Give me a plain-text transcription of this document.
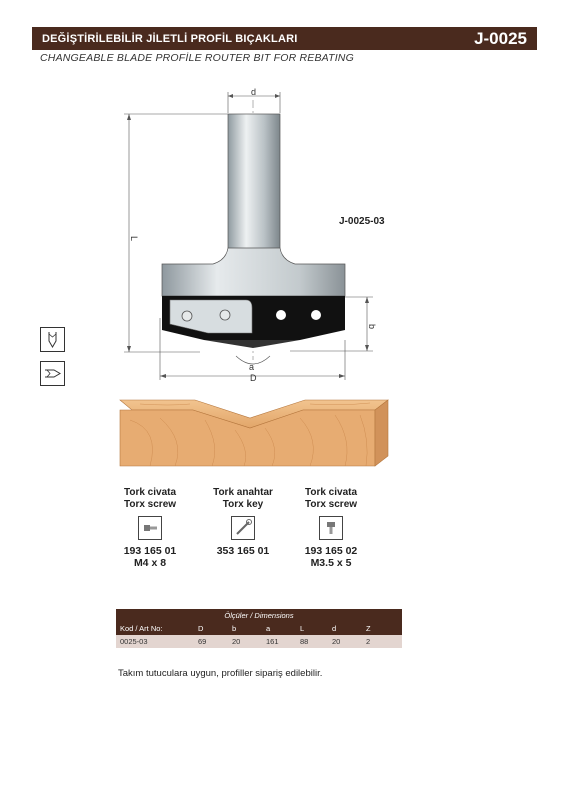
DEĞİŞTİRİLEBİLİR JİLETLİ PROFİL BIÇAKLARI	J-0025
CHANGEABLE BLADE PROFİLE ROUTER BIT FOR REBATING
d
L
b
a
D
J-0025-03
Tork civata
Torx screw
193 165 01
M4 x 8
Tork anahtar
Torx key
353 165 01
Tork civata
Torx screw
193 165 02
M3.5 x 5
Ölçüler / Dimensions						
Kod / Art No:	D	b	a	L	d	Z
0025-03	69	20	161	88	20	2
Takım tutuculara uygun, profiller sipariş edilebilir.
